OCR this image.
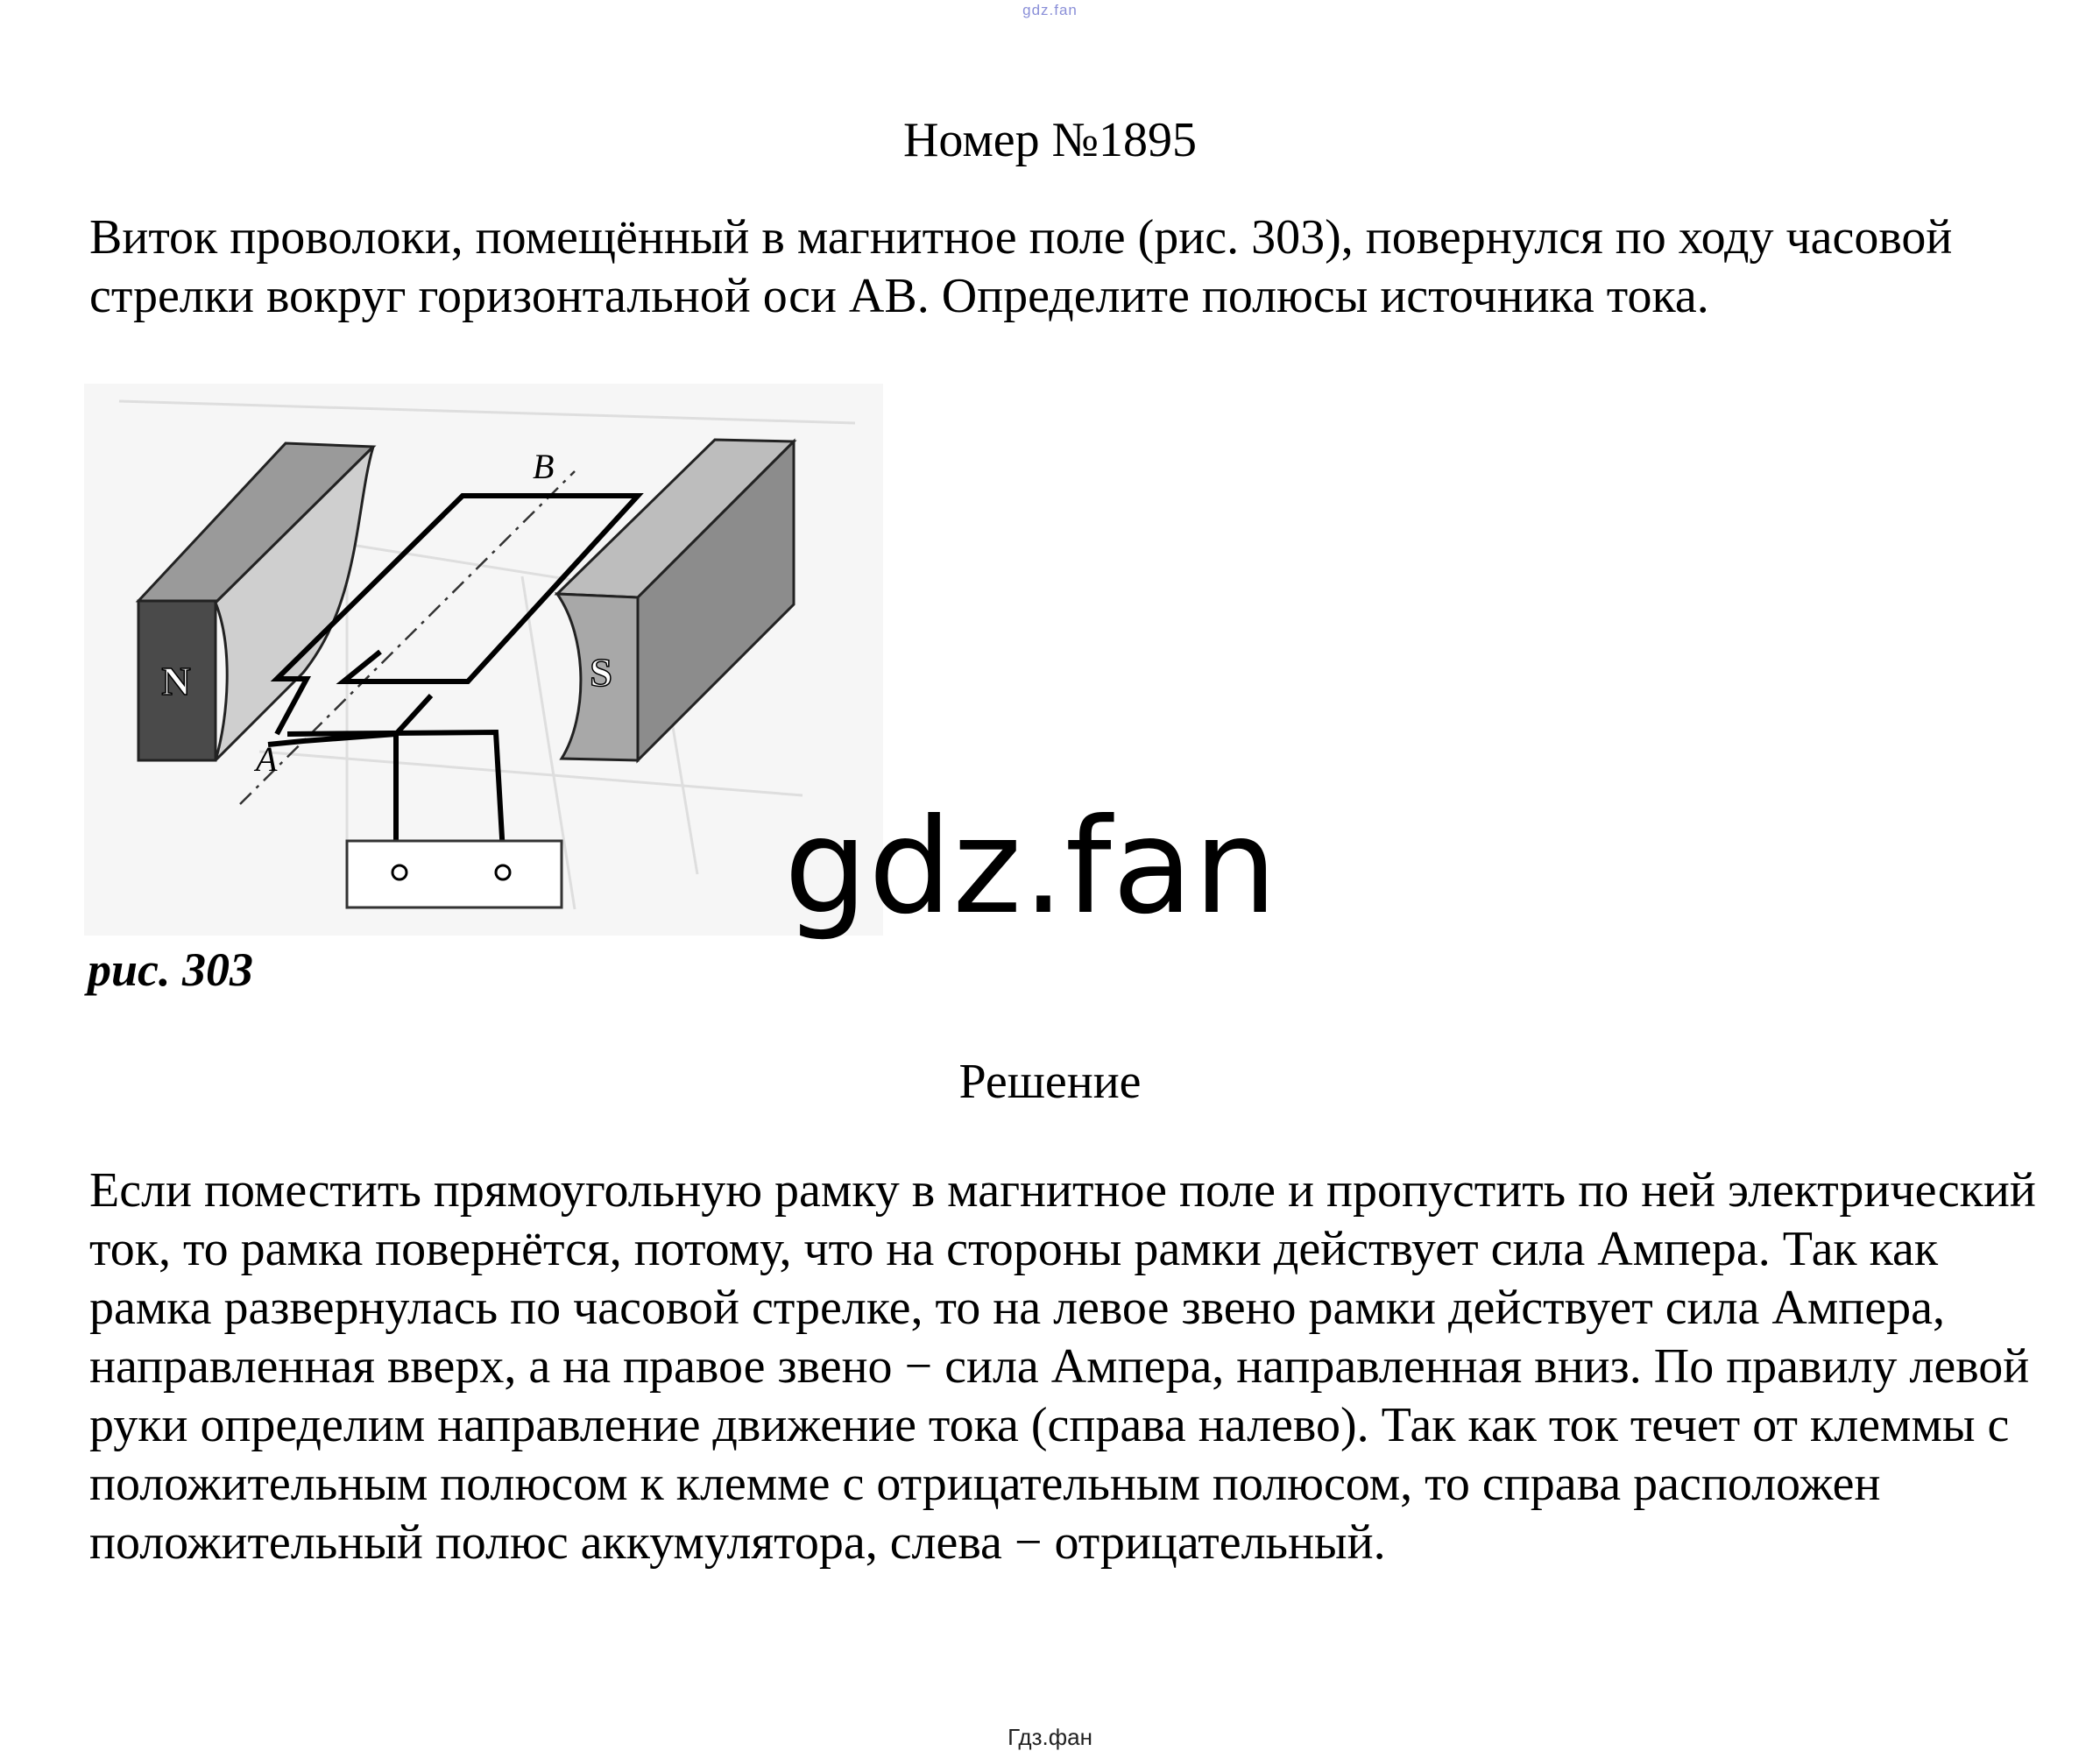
gdz.fan
Номер №1895
Виток проволоки, помещённый в магнитное поле (рис. 303), повернулся по ходу часовой стрелки вокруг горизонтальной оси АВ. Определите полюсы источника тока.
N	S
A
B
рис. 303
gdz.fan
Решение
Если поместить прямоугольную рамку в магнитное поле и пропустить по ней электрический ток, то рамка повернётся, потому, что на стороны рамки действует сила Ампера. Так как рамка развернулась по часовой стрелке, то на левое звено рамки действует сила Ампера, направленная вверх, а на правое звено − сила Ампера, направленная вниз. По правилу левой руки определим направление движение тока (справа налево). Так как ток течет от клеммы с положительным полюсом к клемме с отрицательным полюсом, то справа расположен положительный полюс аккумулятора, слева − отрицательный.
Гдз.фан
